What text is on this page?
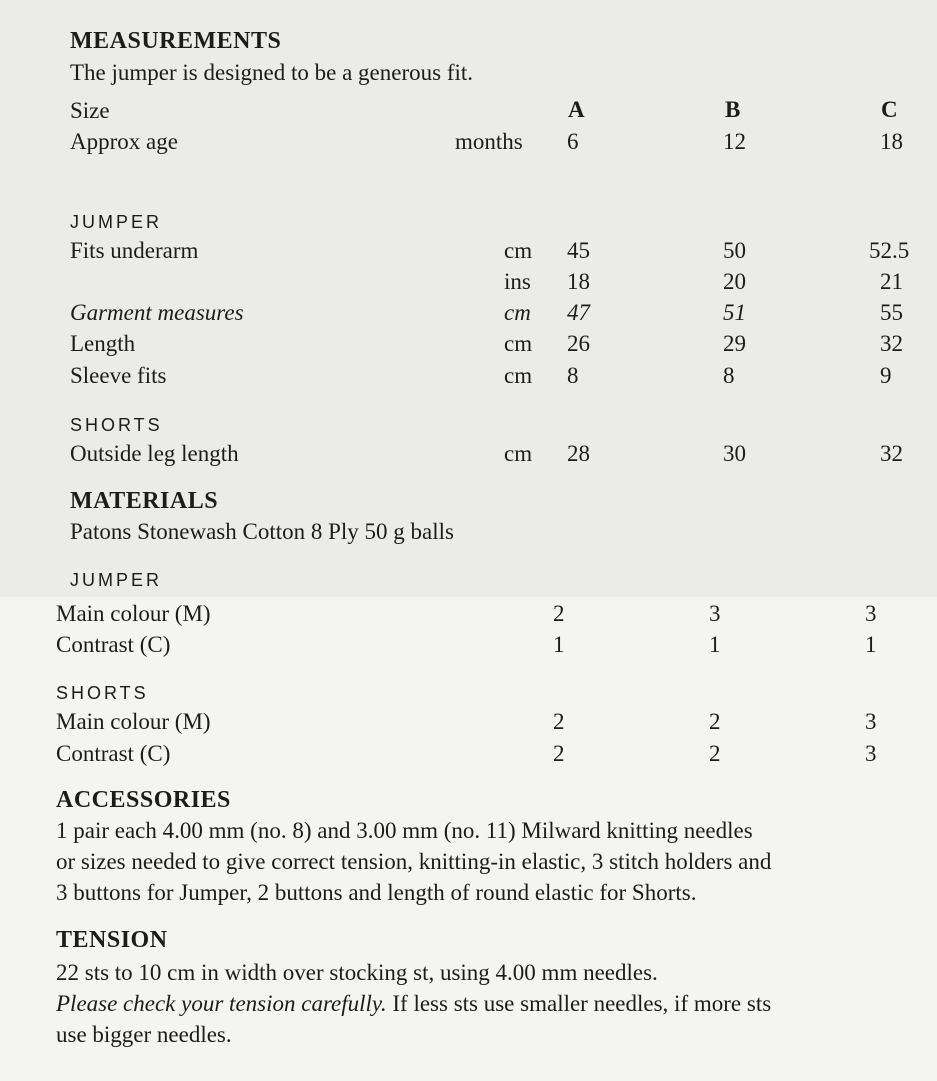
MEASUREMENTS
The jumper is designed to be a generous fit.
Size	A	B	C
Approx age	months 6	12	18
JUMPER
Fits underarm	cm 45	50	52.5
ins 18	20	21
Garment measures	cm 47	51	55
Length	cm 26	29	32
Sleeve fits	cm 8	8	9
SHORTS
Outside leg length	cm 28	30	32
MATERIALS
Patons Stonewash Cotton 8 Ply 50 g balls
JUMPER
Main colour (M)	2	3	3
Contrast (C)	1	1	1
SHORTS
Main colour (M)	2	2	3
Contrast (C)	2	2	3
ACCESSORIES
1 pair each 4.00 mm (no. 8) and 3.00 mm (no. 11) Milward knitting needles
or sizes needed to give correct tension, knitting-in elastic, 3 stitch holders and
3 buttons for Jumper, 2 buttons and length of round elastic for Shorts.
TENSION
22 sts to 10 cm in width over stocking st, using 4.00 mm needles.
Please check your tension carefully. If less sts use smaller needles, if more sts
use bigger needles.
